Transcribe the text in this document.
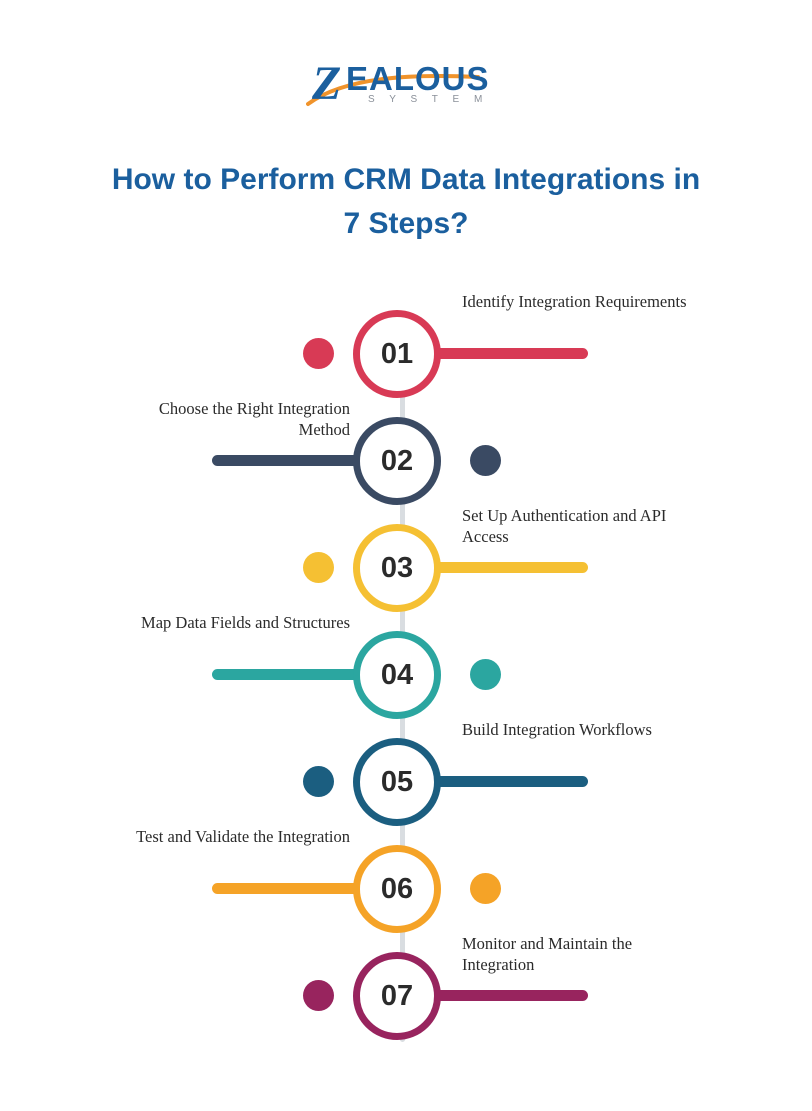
Z EALOUS
S Y S T E M
How to Perform CRM Data Integrations in 7 Steps?
01
Identify Integration Requirements
02
Choose the Right Integration Method
03
Set Up Authentication and API Access
04
Map Data Fields and Structures
05
Build Integration Workflows
06
Test and Validate the Integration
07
Monitor and Maintain the Integration
